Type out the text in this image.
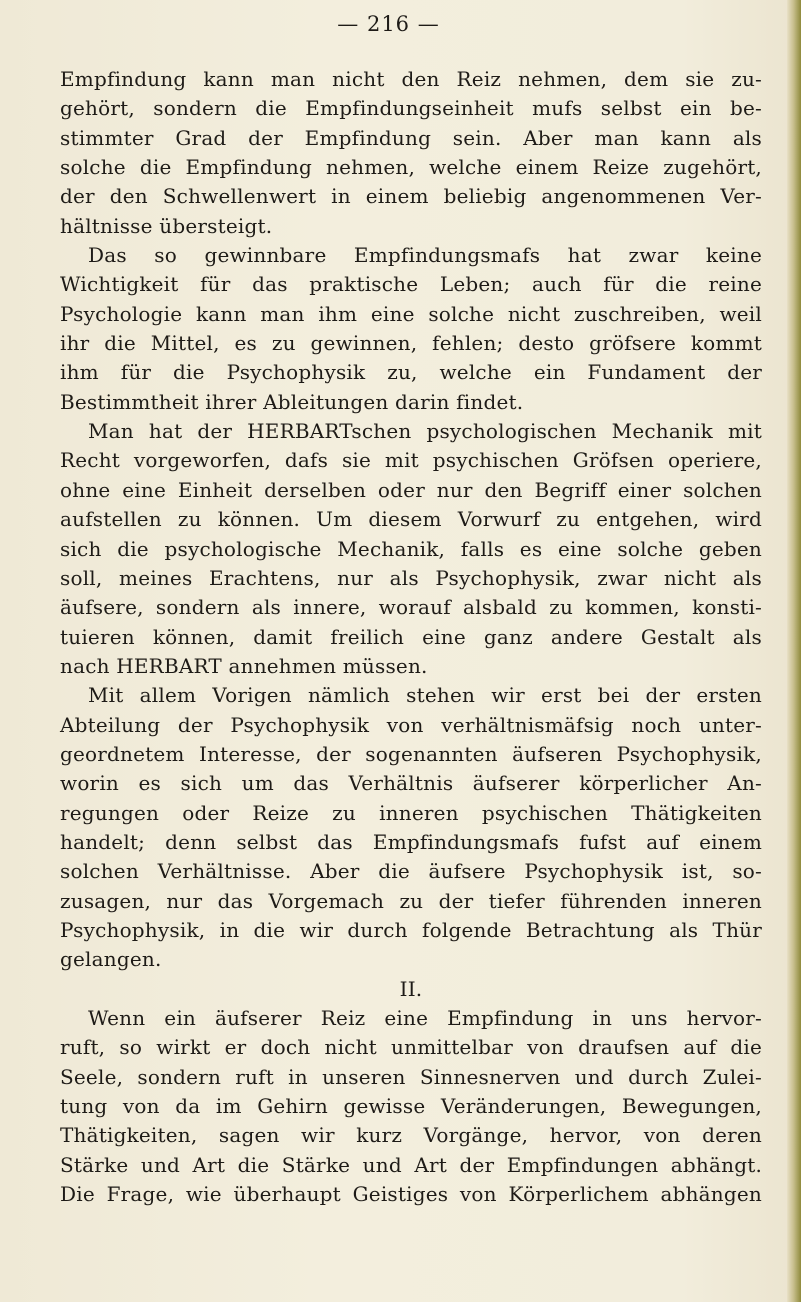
— 216 —
Empfindung kann man nicht den Reiz nehmen, dem sie zu-
gehört, sondern die Empfindungseinheit mufs selbst ein be-
stimmter Grad der Empfindung sein. Aber man kann als
solche die Empfindung nehmen, welche einem Reize zugehört,
der den Schwellenwert in einem beliebig angenommenen Ver-
hältnisse übersteigt.
Das so gewinnbare Empfindungsmafs hat zwar keine
Wichtigkeit für das praktische Leben; auch für die reine
Psychologie kann man ihm eine solche nicht zuschreiben, weil
ihr die Mittel, es zu gewinnen, fehlen; desto gröfsere kommt
ihm für die Psychophysik zu, welche ein Fundament der
Bestimmtheit ihrer Ableitungen darin findet.
Man hat der HERBARTschen psychologischen Mechanik mit
Recht vorgeworfen, dafs sie mit psychischen Gröfsen operiere,
ohne eine Einheit derselben oder nur den Begriff einer solchen
aufstellen zu können. Um diesem Vorwurf zu entgehen, wird
sich die psychologische Mechanik, falls es eine solche geben
soll, meines Erachtens, nur als Psychophysik, zwar nicht als
äufsere, sondern als innere, worauf alsbald zu kommen, konsti-
tuieren können, damit freilich eine ganz andere Gestalt als
nach HERBART annehmen müssen.
Mit allem Vorigen nämlich stehen wir erst bei der ersten
Abteilung der Psychophysik von verhältnismäfsig noch unter-
geordnetem Interesse, der sogenannten äufseren Psychophysik,
worin es sich um das Verhältnis äufserer körperlicher An-
regungen oder Reize zu inneren psychischen Thätigkeiten
handelt; denn selbst das Empfindungsmafs fufst auf einem
solchen Verhältnisse. Aber die äufsere Psychophysik ist, so-
zusagen, nur das Vorgemach zu der tiefer führenden inneren
Psychophysik, in die wir durch folgende Betrachtung als Thür
gelangen.
II.
Wenn ein äufserer Reiz eine Empfindung in uns hervor-
ruft, so wirkt er doch nicht unmittelbar von draufsen auf die
Seele, sondern ruft in unseren Sinnesnerven und durch Zulei-
tung von da im Gehirn gewisse Veränderungen, Bewegungen,
Thätigkeiten, sagen wir kurz Vorgänge, hervor, von deren
Stärke und Art die Stärke und Art der Empfindungen abhängt.
Die Frage, wie überhaupt Geistiges von Körperlichem abhängen
